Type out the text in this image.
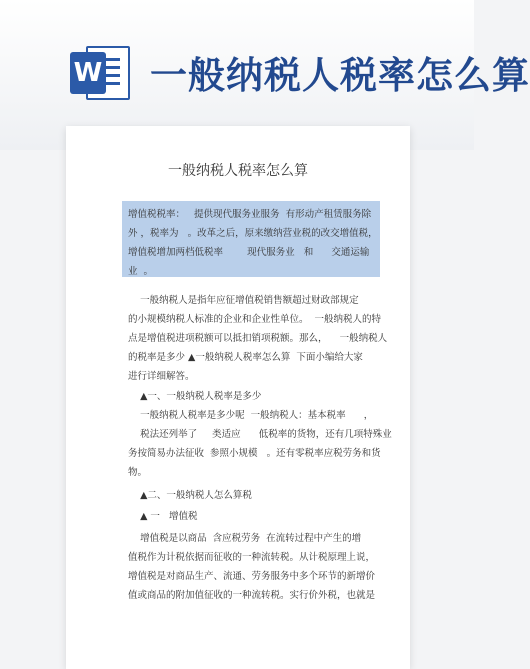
W 一般纳税人税率怎么算
一般纳税人税率怎么算
增值税税率：   提供现代服务业服务  有形动产租赁服务除
外 ，税率为   。改革之后，原来缴纳营业税的改交增值税，
增值税增加两档低税率        现代服务业   和      交通运输
业  。
一般纳税人是指年应征增值税销售额超过财政部规定
的小规模纳税人标准的企业和企业性单位。  一般纳税人的特
点是增值税进项税额可以抵扣销项税额。那么，    一般纳税人
的税率是多少 ▲一般纳税人税率怎么算  下面小编给大家
进行详细解答。
▲一、一般纳税人税率是多少
一般纳税人税率是多少呢  一般纳税人：基本税率      ，
税法还列举了     类适应      低税率的货物，还有几项特殊业
务按简易办法征收  参照小规模   。还有零税率应税劳务和货
物。
▲二、一般纳税人怎么算税
▲ 一   增值税
增值税是以商品  含应税劳务  在流转过程中产生的增
值税作为计税依据而征收的一种流转税。从计税原理上说，
增值税是对商品生产、流通、劳务服务中多个环节的新增价
值或商品的附加值征收的一种流转税。实行价外税，也就是
